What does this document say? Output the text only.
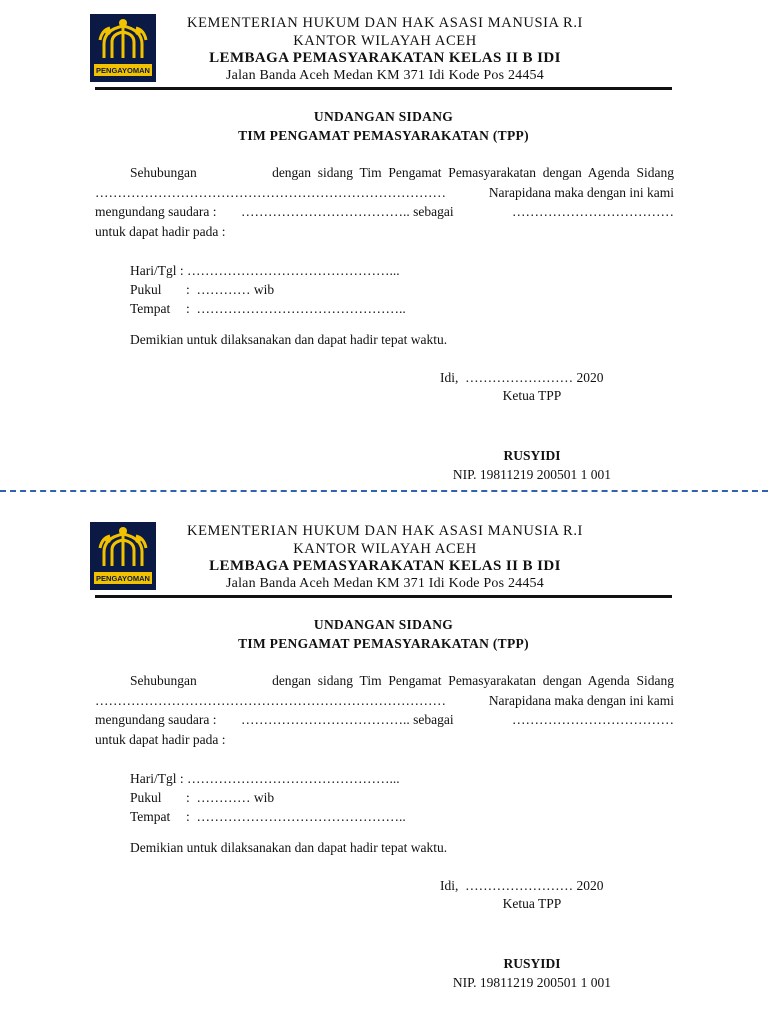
PENGAYOMAN
KEMENTERIAN HUKUM DAN HAK ASASI MANUSIA R.I
KANTOR WILAYAH ACEH
LEMBAGA PEMASYARAKATAN KELAS II B IDI
Jalan Banda Aceh Medan KM 371 Idi Kode Pos 24454
UNDANGAN SIDANG
TIM PENGAMAT PEMASYARAKATAN (TPP)
Sehubungan	dengan  sidang  Tim  Pengamat  Pemasyarakatan  dengan  Agenda  Sidang
……………………………………………………………………	Narapidana maka dengan ini kami
mengundang saudara : ……………………………….. sebagai	………………………………
untuk dapat hadir pada :
Hari/Tgl : ………………………………………...
Pukul :  ………… wib
Tempat :  ………………………………………..
Demikian untuk dilaksanakan dan dapat hadir tepat waktu.
Idi,  …………………… 2020
Ketua TPP
RUSYIDI
NIP. 19811219 200501 1 001
PENGAYOMAN
KEMENTERIAN HUKUM DAN HAK ASASI MANUSIA R.I
KANTOR WILAYAH ACEH
LEMBAGA PEMASYARAKATAN KELAS II B IDI
Jalan Banda Aceh Medan KM 371 Idi Kode Pos 24454
UNDANGAN SIDANG
TIM PENGAMAT PEMASYARAKATAN (TPP)
Sehubungan	dengan  sidang  Tim  Pengamat  Pemasyarakatan  dengan  Agenda  Sidang
……………………………………………………………………	Narapidana maka dengan ini kami
mengundang saudara : ……………………………….. sebagai	………………………………
untuk dapat hadir pada :
Hari/Tgl : ………………………………………...
Pukul :  ………… wib
Tempat :  ………………………………………..
Demikian untuk dilaksanakan dan dapat hadir tepat waktu.
Idi,  …………………… 2020
Ketua TPP
RUSYIDI
NIP. 19811219 200501 1 001
